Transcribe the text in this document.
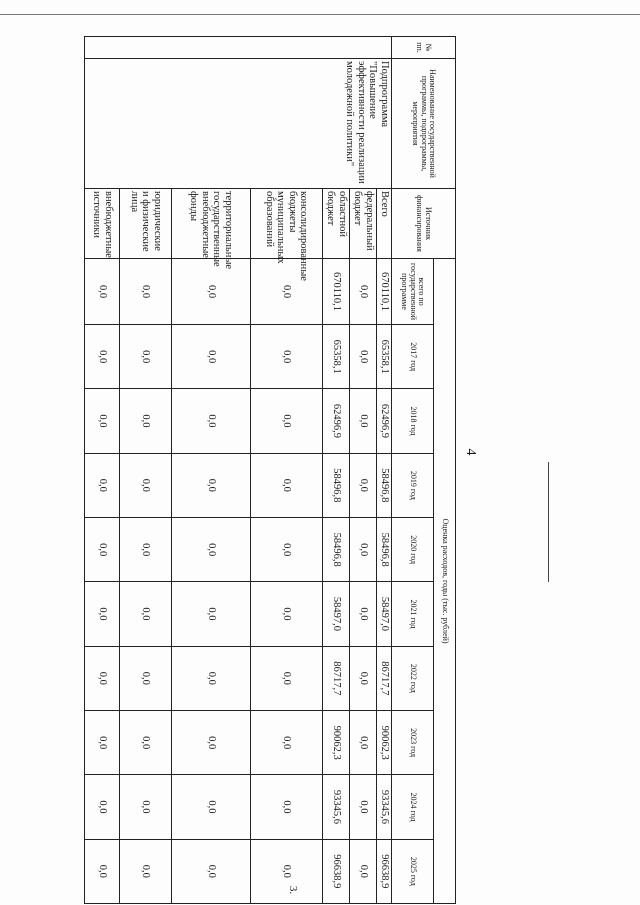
4
3.
№ пп.	Наименование государственной программы, подпрограммы, мероприятия	Источник финансирования	Оценка расходов, годы (тыс. рублей)									
			всего по государственной программе	2017 год	2018 год	2019 год	2020 год	2021 год	2022 год	2023 год	2024 год	2025 год
	Подпрограмма "Повышение эффективности реализации молодежной политики"	Всего	670110,1	65358,1	62496,9	58496,8	58496,8	58497,0	86717,7	90062,3	93345,6	96638,9
		федеральный бюджет	0,0	0,0	0,0	0,0	0,0	0,0	0,0	0,0	0,0	0,0
		областной бюджет	670110,1	65358,1	62496,9	58496,8	58496,8	58497,0	86717,7	90062,3	93345,6	96638,9
		консолидированные бюджеты муниципальных образований	0,0	0,0	0,0	0,0	0,0	0,0	0,0	0,0	0,0	0,0
		территориальные государственные внебюджетные фонды	0,0	0,0	0,0	0,0	0,0	0,0	0,0	0,0	0,0	0,0
		юридические и физические лица	0,0	0,0	0,0	0,0	0,0	0,0	0,0	0,0	0,0	0,0
		внебюджетные источники	0,0	0,0	0,0	0,0	0,0	0,0	0,0	0,0	0,0	0,0
